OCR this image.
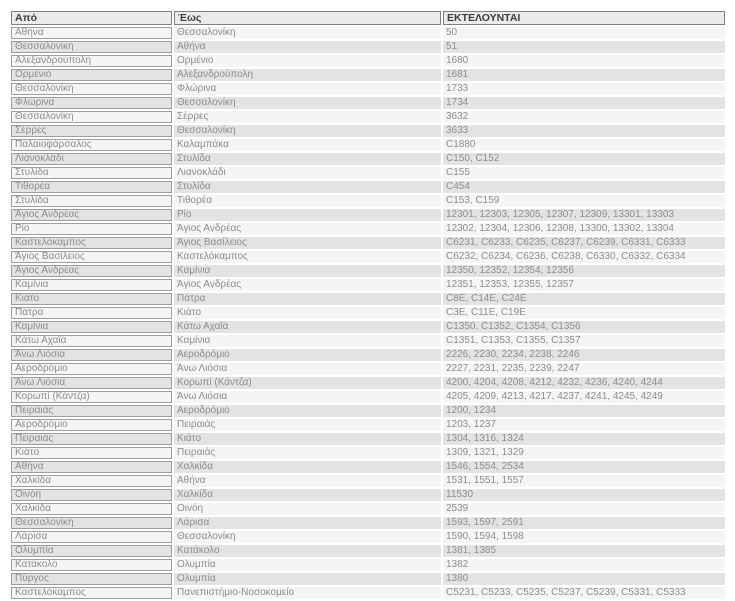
Από	Έως	ΕΚΤΕΛΟΥΝΤΑΙ
Αθήνα	Θεσσαλονίκη	50
Θεσσαλονίκη	Αθήνα	51
Αλεξανδρούπολη	Ορμένιο	1680
Ορμένιο	Αλεξανδρούπολη	1681
Θεσσαλονίκη	Φλώρινα	1733
Φλώρινα	Θεσσαλονίκη	1734
Θεσσαλονίκη	Σέρρες	3632
Σέρρες	Θεσσαλονίκη	3633
Παλαιοφάρσαλος	Καλαμπάκα	C1880
Λιανοκλάδι	Στυλίδα	C150, C152
Στυλίδα	Λιανοκλάδι	C155
Τιθορέα	Στυλίδα	C454
Στυλίδα	Τιθορέα	C153, C159
Άγιος Ανδρέας	Ρίο	12301, 12303, 12305, 12307, 12309, 13301, 13303
Ρίο	Άγιος Ανδρέας	12302, 12304, 12306, 12308, 13300, 13302, 13304
Καστελόκαμπος	Άγιος Βασίλειος	C6231, C6233, C6235, C6237, C6239, C6331, C6333
Άγιος Βασίλειος	Καστελόκαμπος	C6232, C6234, C6236, C6238, C6330, C6332, C6334
Άγιος Ανδρέας	Καμίνια	12350, 12352, 12354, 12356
Καμίνια	Άγιος Ανδρέας	12351, 12353, 12355, 12357
Κιάτο	Πάτρα	C8E, C14E, C24E
Πάτρα	Κιάτο	C3E, C11E, C19E
Καμίνια	Κάτω Αχαϊά	C1350, C1352, C1354, C1356
Κάτω Αχαϊά	Καμίνια	C1351, C1353, C1355, C1357
Άνω Λιόσια	Αεροδρόμιο	2226, 2230, 2234, 2238, 2246
Αεροδρόμιο	Άνω Λιόσια	2227, 2231, 2235, 2239, 2247
Άνω Λιόσια	Κορωπί (Κάντζα)	4200, 4204, 4208, 4212, 4232, 4236, 4240, 4244
Κορωπί (Κάντζα)	Άνω Λιόσια	4205, 4209, 4213, 4217, 4237, 4241, 4245, 4249
Πειραιάς	Αεροδρόμιο	1200, 1234
Αεροδρόμιο	Πειραιάς	1203, 1237
Πειραιάς	Κιάτο	1304, 1316, 1324
Κιάτο	Πειραιάς	1309, 1321, 1329
Αθήνα	Χαλκίδα	1546, 1554, 2534
Χαλκίδα	Αθήνα	1531, 1551, 1557
Οινόη	Χαλκίδα	11530
Χαλκίδα	Οινόη	2539
Θεσσαλονίκη	Λάρισα	1593, 1597, 2591
Λάρισα	Θεσσαλονίκη	1590, 1594, 1598
Ολυμπία	Κατάκολο	1381, 1385
Κατάκολο	Ολυμπία	1382
Πύργος	Ολυμπία	1380
Καστελόκαμπος	Πανεπιστήμιο-Νοσοκομείο	C5231, C5233, C5235, C5237, C5239, C5331, C5333
